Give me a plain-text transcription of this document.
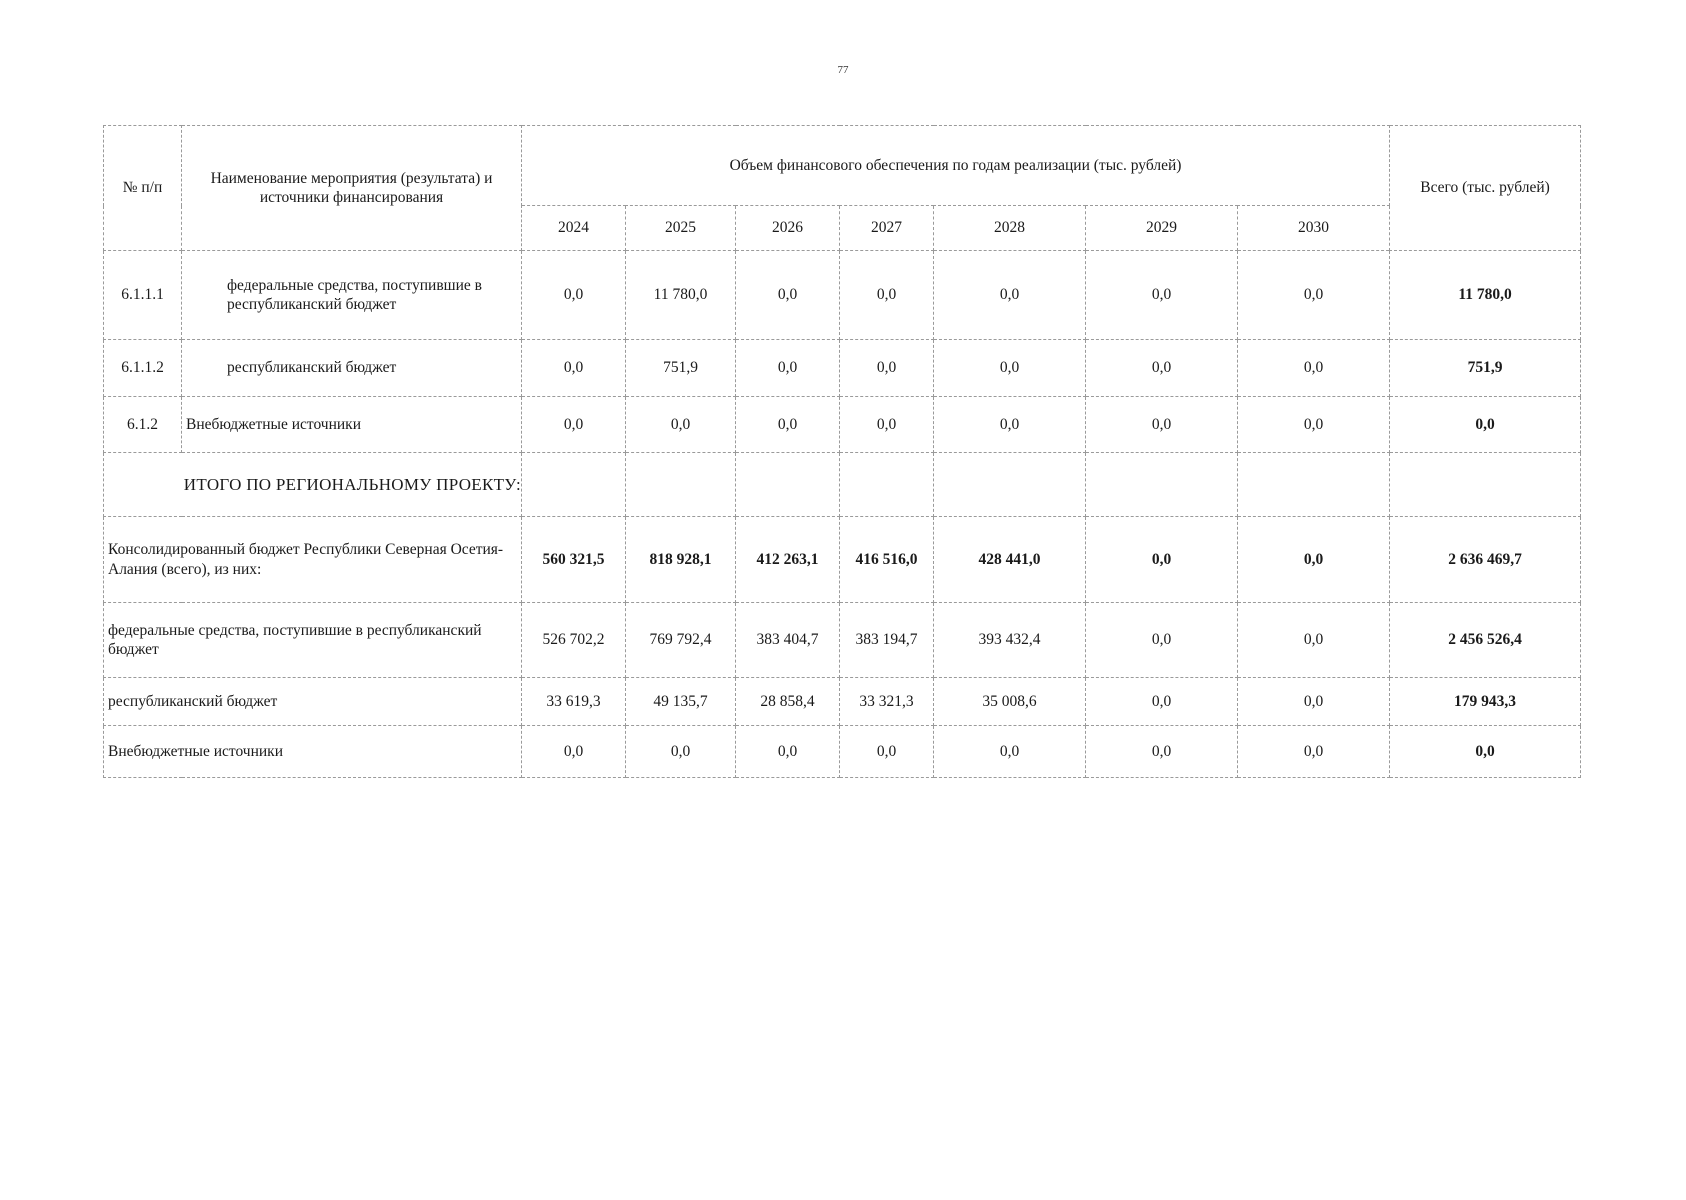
77
№ п/п	Наименование мероприятия (результата) и источники финансирования	Объем финансового обеспечения по годам реализации (тыс. рублей)							Всего (тыс. рублей)
		2024	2025	2026	2027	2028	2029	2030	
6.1.1.1	федеральные средства, поступившие в республиканский бюджет	0,0	11 780,0	0,0	0,0	0,0	0,0	0,0	11 780,0
6.1.1.2	республиканский бюджет	0,0	751,9	0,0	0,0	0,0	0,0	0,0	751,9
6.1.2	Внебюджетные источники	0,0	0,0	0,0	0,0	0,0	0,0	0,0	0,0
ИТОГО ПО РЕГИОНАЛЬНОМУ ПРОЕКТУ:									
Консолидированный бюджет Республики Северная Осетия-Алания (всего), из них:		560 321,5	818 928,1	412 263,1	416 516,0	428 441,0	0,0	0,0	2 636 469,7
федеральные средства, поступившие в республиканский бюджет		526 702,2	769 792,4	383 404,7	383 194,7	393 432,4	0,0	0,0	2 456 526,4
республиканский бюджет		33 619,3	49 135,7	28 858,4	33 321,3	35 008,6	0,0	0,0	179 943,3
Внебюджетные источники		0,0	0,0	0,0	0,0	0,0	0,0	0,0	0,0
